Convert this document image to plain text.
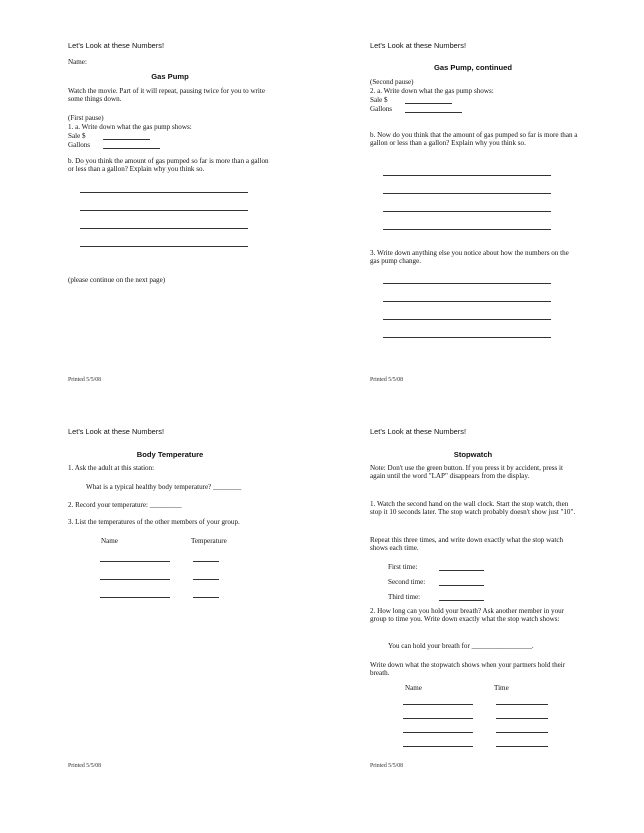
Let’s Look at these Numbers!
Name:
Gas Pump
Watch the movie. Part of it will repeat, pausing twice for you to write some things down.
(First pause)
1. a. Write down what the gas pump shows:
Sale $
Gallons
b. Do you think the amount of gas pumped so far is more than a gallon or less than a gallon? Explain why you think so.
(please continue on the next page)
Printed 5/5/08
Let’s Look at these Numbers!
Gas Pump, continued
(Second pause)
2. a. Write down what the gas pump shows:
Sale $
Gallons
b. Now do you think that the amount of gas pumped so far is more than a gallon or less than a gallon? Explain why you think so.
3. Write down anything else you notice about how the numbers on the gas pump change.
Printed 5/5/08
Let’s Look at these Numbers!
Body Temperature
1. Ask the adult at this station:
What is a typical healthy body temperature? ________
2. Record your temperature: _________
3. List the temperatures of the other members of your group.
Name	Temperature
Printed 5/5/08
Let’s Look at these Numbers!
Stopwatch
Note: Don't use the green button. If you press it by accident, press it again until the word "LAP" disappears from the display.
1. Watch the second hand on the wall clock. Start the stop watch, then stop it 10 seconds later. The stop watch probably doesn't show just "10".
Repeat this three times, and write down exactly what the stop watch shows each time.
First time:
Second time:
Third time:
2. How long can you hold your breath? Ask another member in your group to time you. Write down exactly what the stop watch shows:
You can hold your breath for _________________.
Write down what the stopwatch shows when your partners hold their breath.
Name	Time
Printed 5/5/08
